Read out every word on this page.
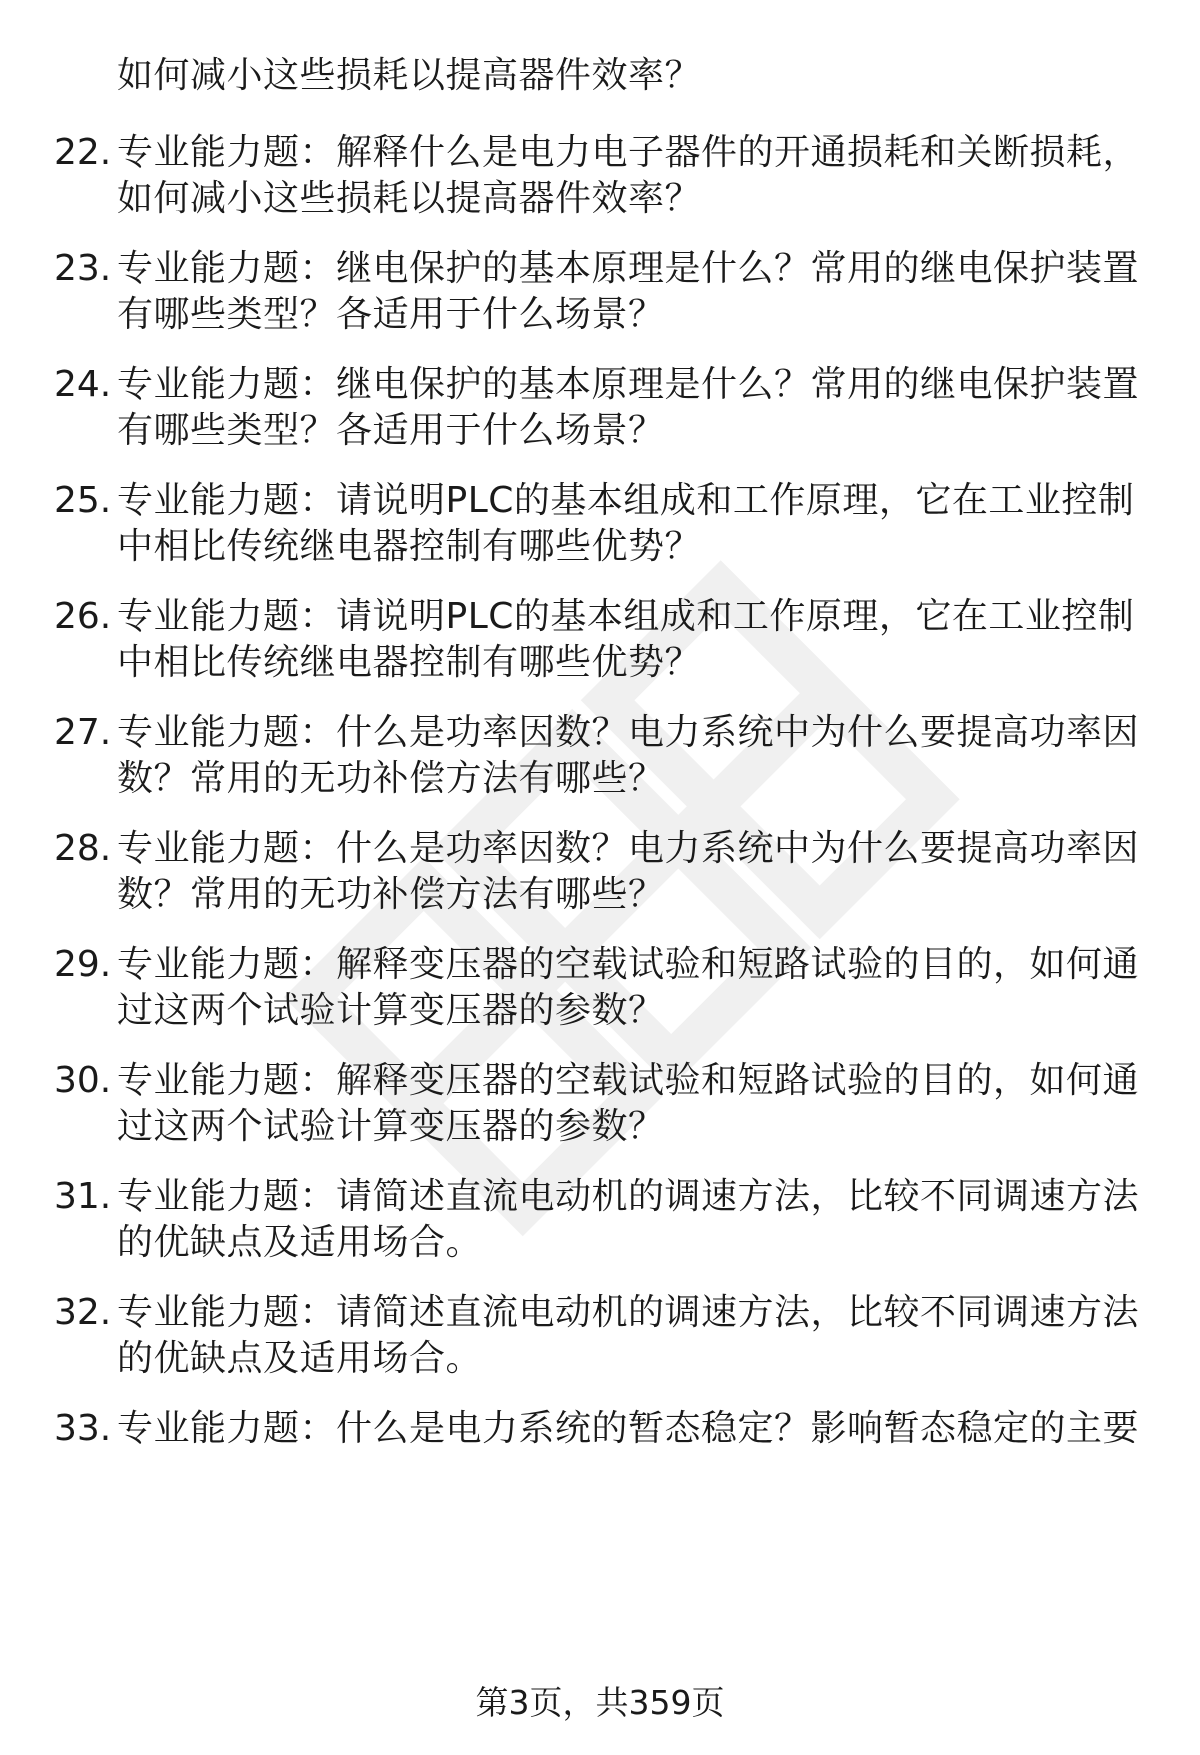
如何减小这些损耗以提高器件效率？
22. 专业能力题：解释什么是电力电子器件的开通损耗和关断损耗，
如何减小这些损耗以提高器件效率？
23. 专业能力题：继电保护的基本原理是什么？常用的继电保护装置
有哪些类型？各适用于什么场景？
24. 专业能力题：继电保护的基本原理是什么？常用的继电保护装置
有哪些类型？各适用于什么场景？
25. 专业能力题：请说明PLC的基本组成和工作原理，它在工业控制
中相比传统继电器控制有哪些优势？
26. 专业能力题：请说明PLC的基本组成和工作原理，它在工业控制
中相比传统继电器控制有哪些优势？
27. 专业能力题：什么是功率因数？电力系统中为什么要提高功率因
数？常用的无功补偿方法有哪些？
28. 专业能力题：什么是功率因数？电力系统中为什么要提高功率因
数？常用的无功补偿方法有哪些？
29. 专业能力题：解释变压器的空载试验和短路试验的目的，如何通
过这两个试验计算变压器的参数？
30. 专业能力题：解释变压器的空载试验和短路试验的目的，如何通
过这两个试验计算变压器的参数？
31. 专业能力题：请简述直流电动机的调速方法，比较不同调速方法
的优缺点及适用场合。
32. 专业能力题：请简述直流电动机的调速方法，比较不同调速方法
的优缺点及适用场合。
33. 专业能力题：什么是电力系统的暂态稳定？影响暂态稳定的主要
第3页，共359页
